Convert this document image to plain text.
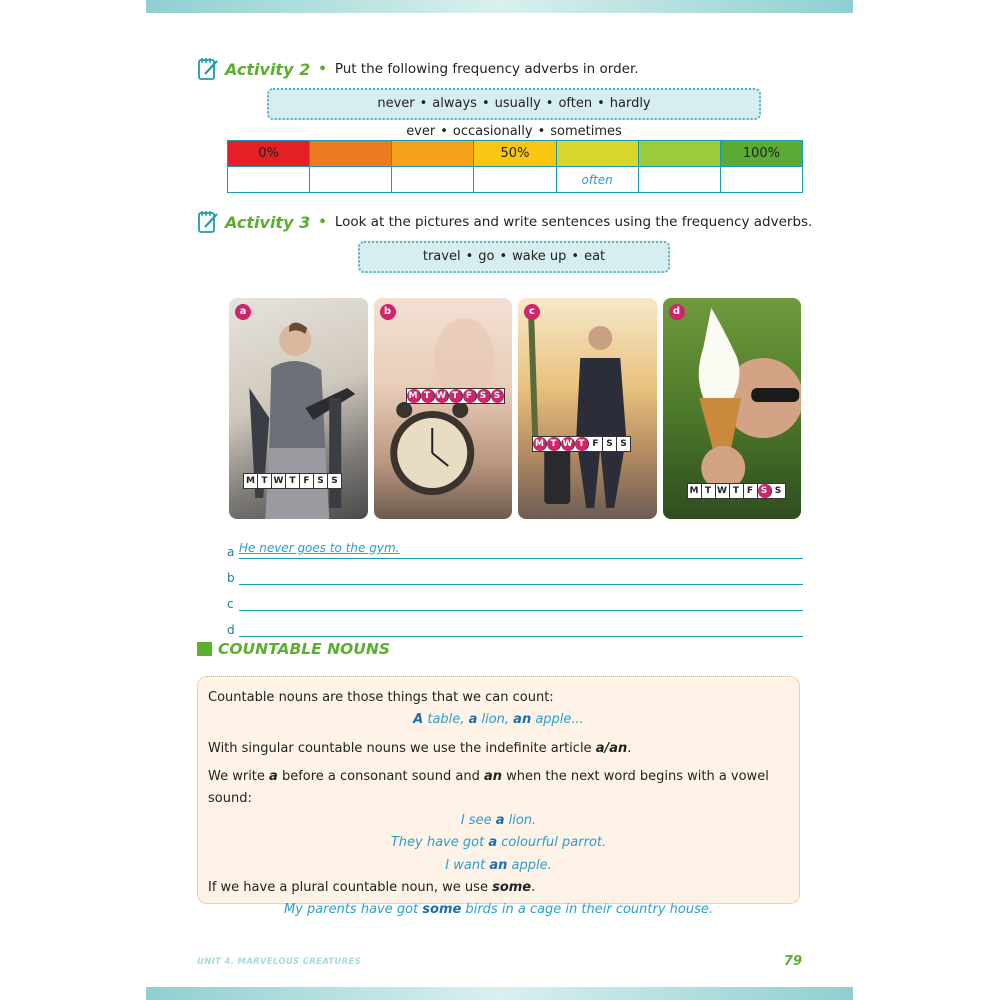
Activity 2 • Put the following frequency adverbs in order.
never • always • usually • often • hardly ever • occasionally • sometimes
0%			50%			100%
				often		
Activity 3 • Look at the pictures and write sentences using the frequency adverbs.
travel • go • wake up • eat
a
M T W T F S S
b
M T W T F S S
c
M T W T F S S
d
M T W T F S S
a He never goes to the gym.
b
c
d
COUNTABLE NOUNS

Countable nouns are those things that we can count:

A table, a lion, an apple...

With singular countable nouns we use the indefinite article a/an.

We write a before a consonant sound and an when the next word begins with a vowel sound:

I see a lion.

They have got a colourful parrot.

I want an apple.

If we have a plural countable noun, we use some.

My parents have got some birds in a cage in their country house.

UNIT 4. MARVELOUS CREATURES	79
